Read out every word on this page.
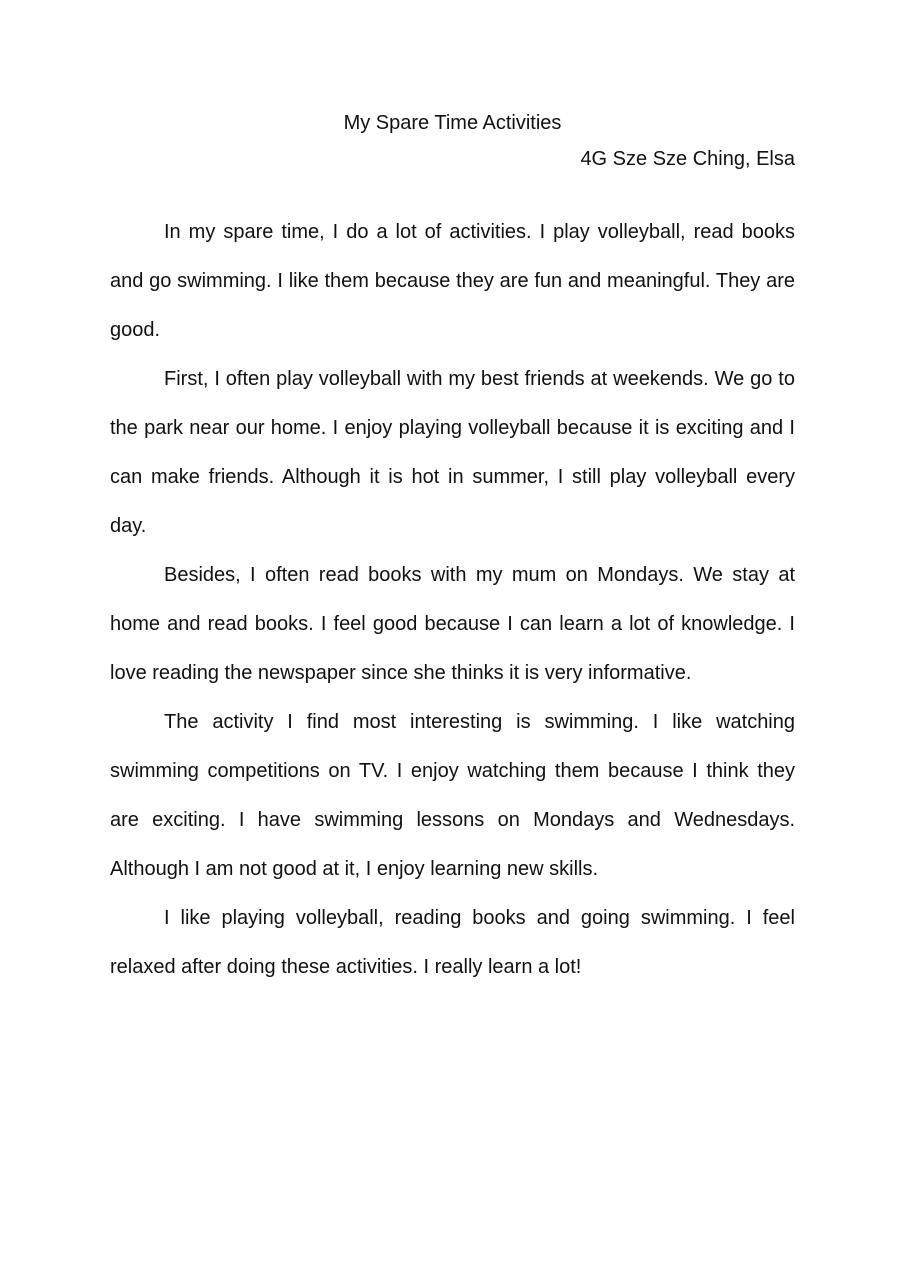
My Spare Time Activities
4G Sze Sze Ching, Elsa

In my spare time, I do a lot of activities. I play volleyball, read books and go swimming. I like them because they are fun and meaningful. They are good.

First, I often play volleyball with my best friends at weekends. We go to the park near our home. I enjoy playing volleyball because it is exciting and I can make friends. Although it is hot in summer, I still play volleyball every day.

Besides, I often read books with my mum on Mondays. We stay at home and read books. I feel good because I can learn a lot of knowledge. I love reading the newspaper since she thinks it is very informative.

The activity I find most interesting is swimming. I like watching swimming competitions on TV. I enjoy watching them because I think they are exciting. I have swimming lessons on Mondays and Wednesdays. Although I am not good at it, I enjoy learning new skills.

I like playing volleyball, reading books and going swimming. I feel relaxed after doing these activities. I really learn a lot!
